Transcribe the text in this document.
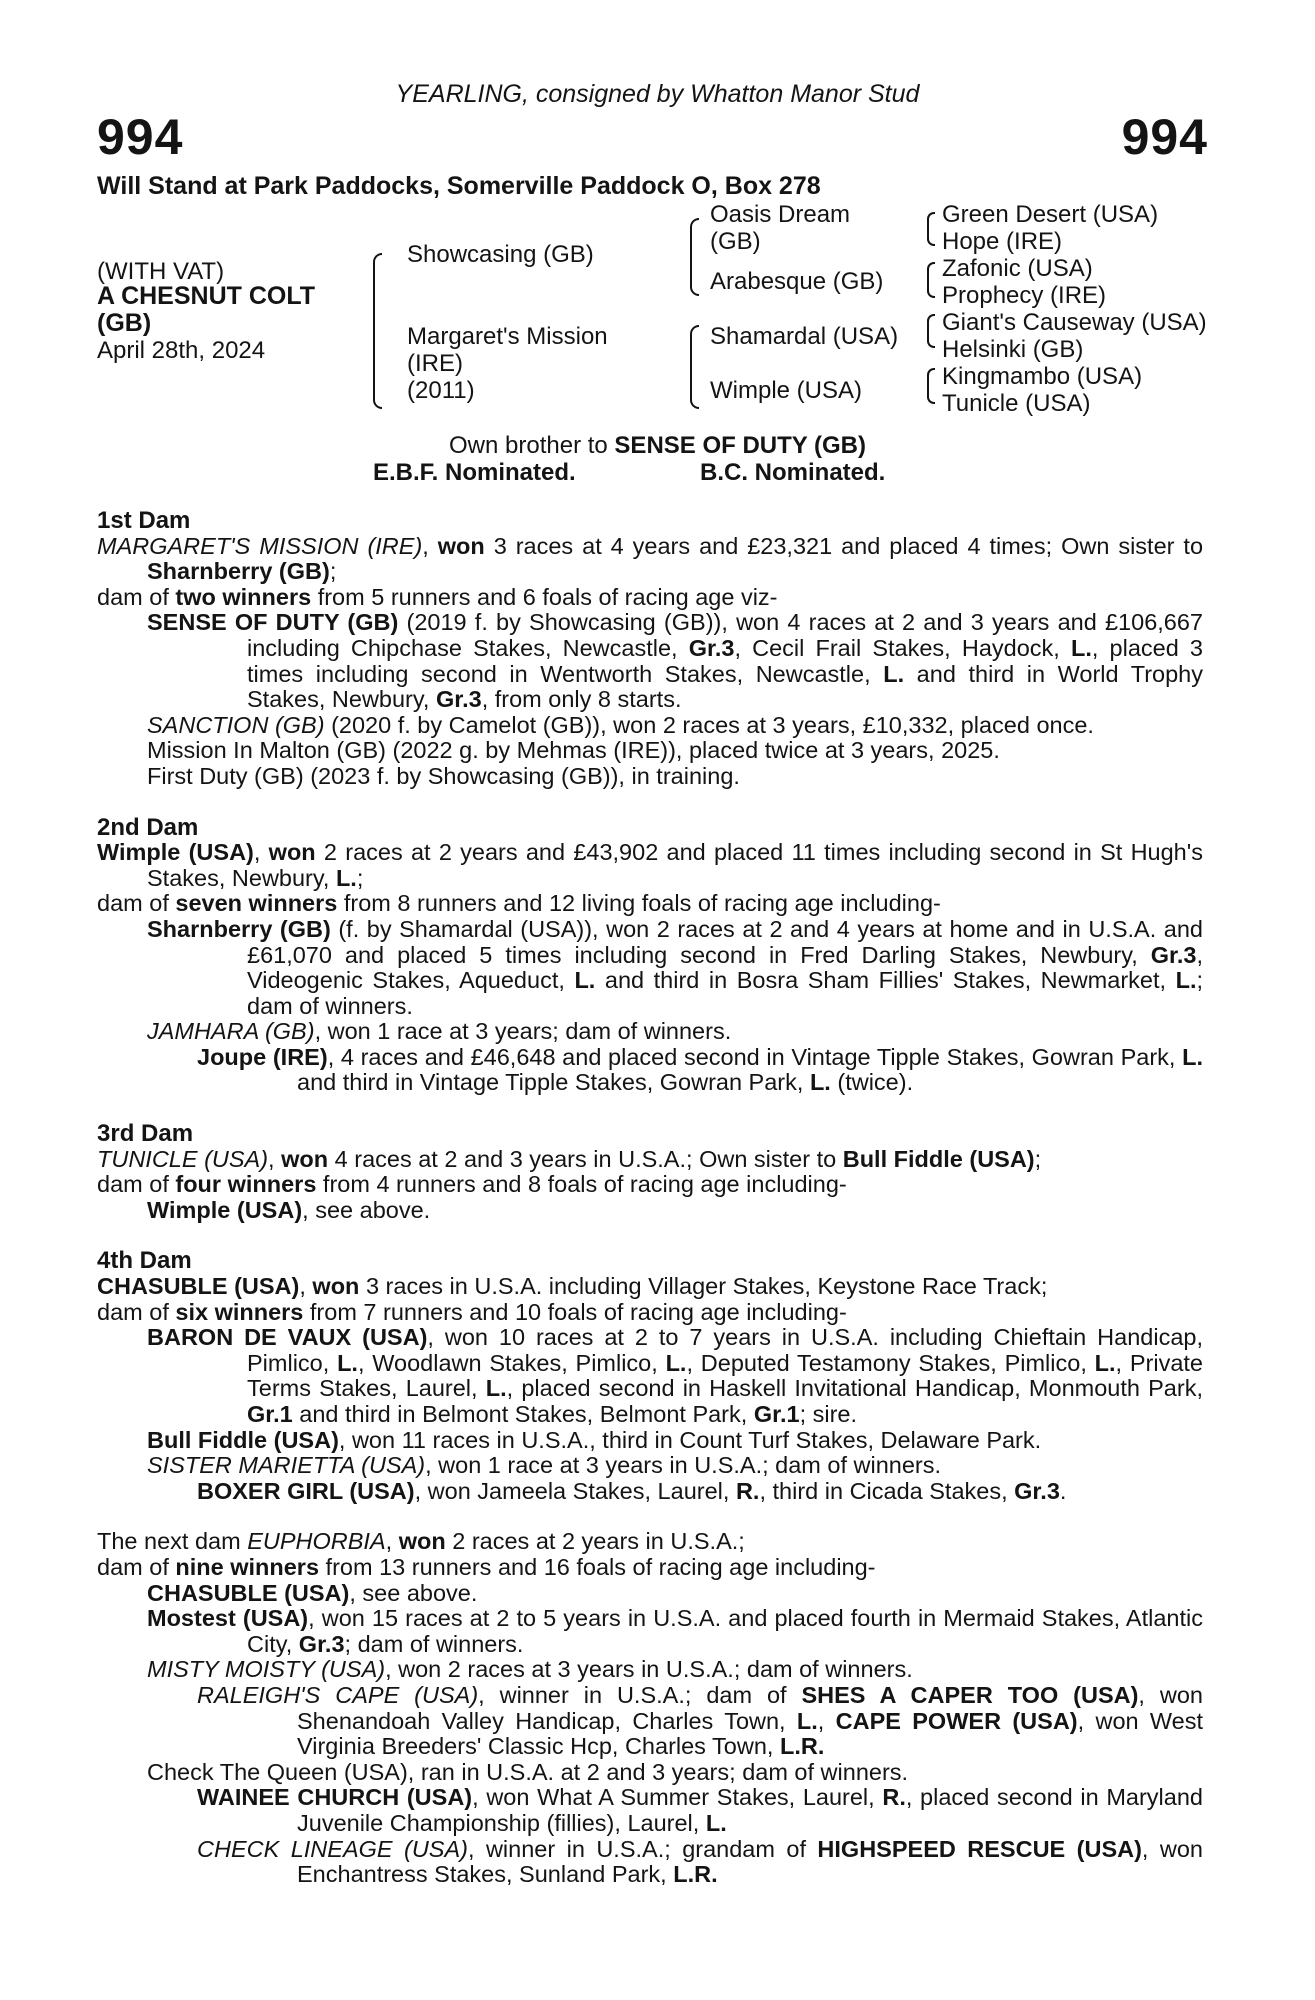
YEARLING, consigned by Whatton Manor Stud
994	994
Will Stand at Park Paddocks, Somerville Paddock O, Box 278
(WITH VAT)
A CHESNUT COLT
(GB)
April 28th, 2024
Showcasing (GB)
Margaret's Mission
(IRE)
(2011)
Oasis Dream
(GB)
Arabesque (GB)
Shamardal (USA)
Wimple (USA)
Green Desert (USA)
Hope (IRE)
Zafonic (USA)
Prophecy (IRE)
Giant's Causeway (USA)
Helsinki (GB)
Kingmambo (USA)
Tunicle (USA)
Own brother to SENSE OF DUTY (GB)
E.B.F. Nominated.	B.C. Nominated.

1st Dam

MARGARET'S MISSION (IRE), won 3 races at 4 years and £23,321 and placed 4 times; Own sister to Sharnberry (GB);

dam of two winners from 5 runners and 6 foals of racing age viz-

SENSE OF DUTY (GB) (2019 f. by Showcasing (GB)), won 4 races at 2 and 3 years and £106,667 including Chipchase Stakes, Newcastle, Gr.3, Cecil Frail Stakes, Haydock, L., placed 3 times including second in Wentworth Stakes, Newcastle, L. and third in World Trophy Stakes, Newbury, Gr.3, from only 8 starts.

SANCTION (GB) (2020 f. by Camelot (GB)), won 2 races at 3 years, £10,332, placed once.

Mission In Malton (GB) (2022 g. by Mehmas (IRE)), placed twice at 3 years, 2025.

First Duty (GB) (2023 f. by Showcasing (GB)), in training.

2nd Dam

Wimple (USA), won 2 races at 2 years and £43,902 and placed 11 times including second in St Hugh's Stakes, Newbury, L.;

dam of seven winners from 8 runners and 12 living foals of racing age including-

Sharnberry (GB) (f. by Shamardal (USA)), won 2 races at 2 and 4 years at home and in U.S.A. and £61,070 and placed 5 times including second in Fred Darling Stakes, Newbury, Gr.3, Videogenic Stakes, Aqueduct, L. and third in Bosra Sham Fillies' Stakes, Newmarket, L.; dam of winners.

JAMHARA (GB), won 1 race at 3 years; dam of winners.

Joupe (IRE), 4 races and £46,648 and placed second in Vintage Tipple Stakes, Gowran Park, L. and third in Vintage Tipple Stakes, Gowran Park, L. (twice).

3rd Dam

TUNICLE (USA), won 4 races at 2 and 3 years in U.S.A.; Own sister to Bull Fiddle (USA);

dam of four winners from 4 runners and 8 foals of racing age including-

Wimple (USA), see above.

4th Dam

CHASUBLE (USA), won 3 races in U.S.A. including Villager Stakes, Keystone Race Track;

dam of six winners from 7 runners and 10 foals of racing age including-

BARON DE VAUX (USA), won 10 races at 2 to 7 years in U.S.A. including Chieftain Handicap, Pimlico, L., Woodlawn Stakes, Pimlico, L., Deputed Testamony Stakes, Pimlico, L., Private Terms Stakes, Laurel, L., placed second in Haskell Invitational Handicap, Monmouth Park, Gr.1 and third in Belmont Stakes, Belmont Park, Gr.1; sire.

Bull Fiddle (USA), won 11 races in U.S.A., third in Count Turf Stakes, Delaware Park.

SISTER MARIETTA (USA), won 1 race at 3 years in U.S.A.; dam of winners.

BOXER GIRL (USA), won Jameela Stakes, Laurel, R., third in Cicada Stakes, Gr.3.

The next dam EUPHORBIA, won 2 races at 2 years in U.S.A.;

dam of nine winners from 13 runners and 16 foals of racing age including-

CHASUBLE (USA), see above.

Mostest (USA), won 15 races at 2 to 5 years in U.S.A. and placed fourth in Mermaid Stakes, Atlantic City, Gr.3; dam of winners.

MISTY MOISTY (USA), won 2 races at 3 years in U.S.A.; dam of winners.

RALEIGH'S CAPE (USA), winner in U.S.A.; dam of SHES A CAPER TOO (USA), won Shenandoah Valley Handicap, Charles Town, L., CAPE POWER (USA), won West Virginia Breeders' Classic Hcp, Charles Town, L.R.

Check The Queen (USA), ran in U.S.A. at 2 and 3 years; dam of winners.

WAINEE CHURCH (USA), won What A Summer Stakes, Laurel, R., placed second in Maryland Juvenile Championship (fillies), Laurel, L.

CHECK LINEAGE (USA), winner in U.S.A.; grandam of HIGHSPEED RESCUE (USA), won Enchantress Stakes, Sunland Park, L.R.
